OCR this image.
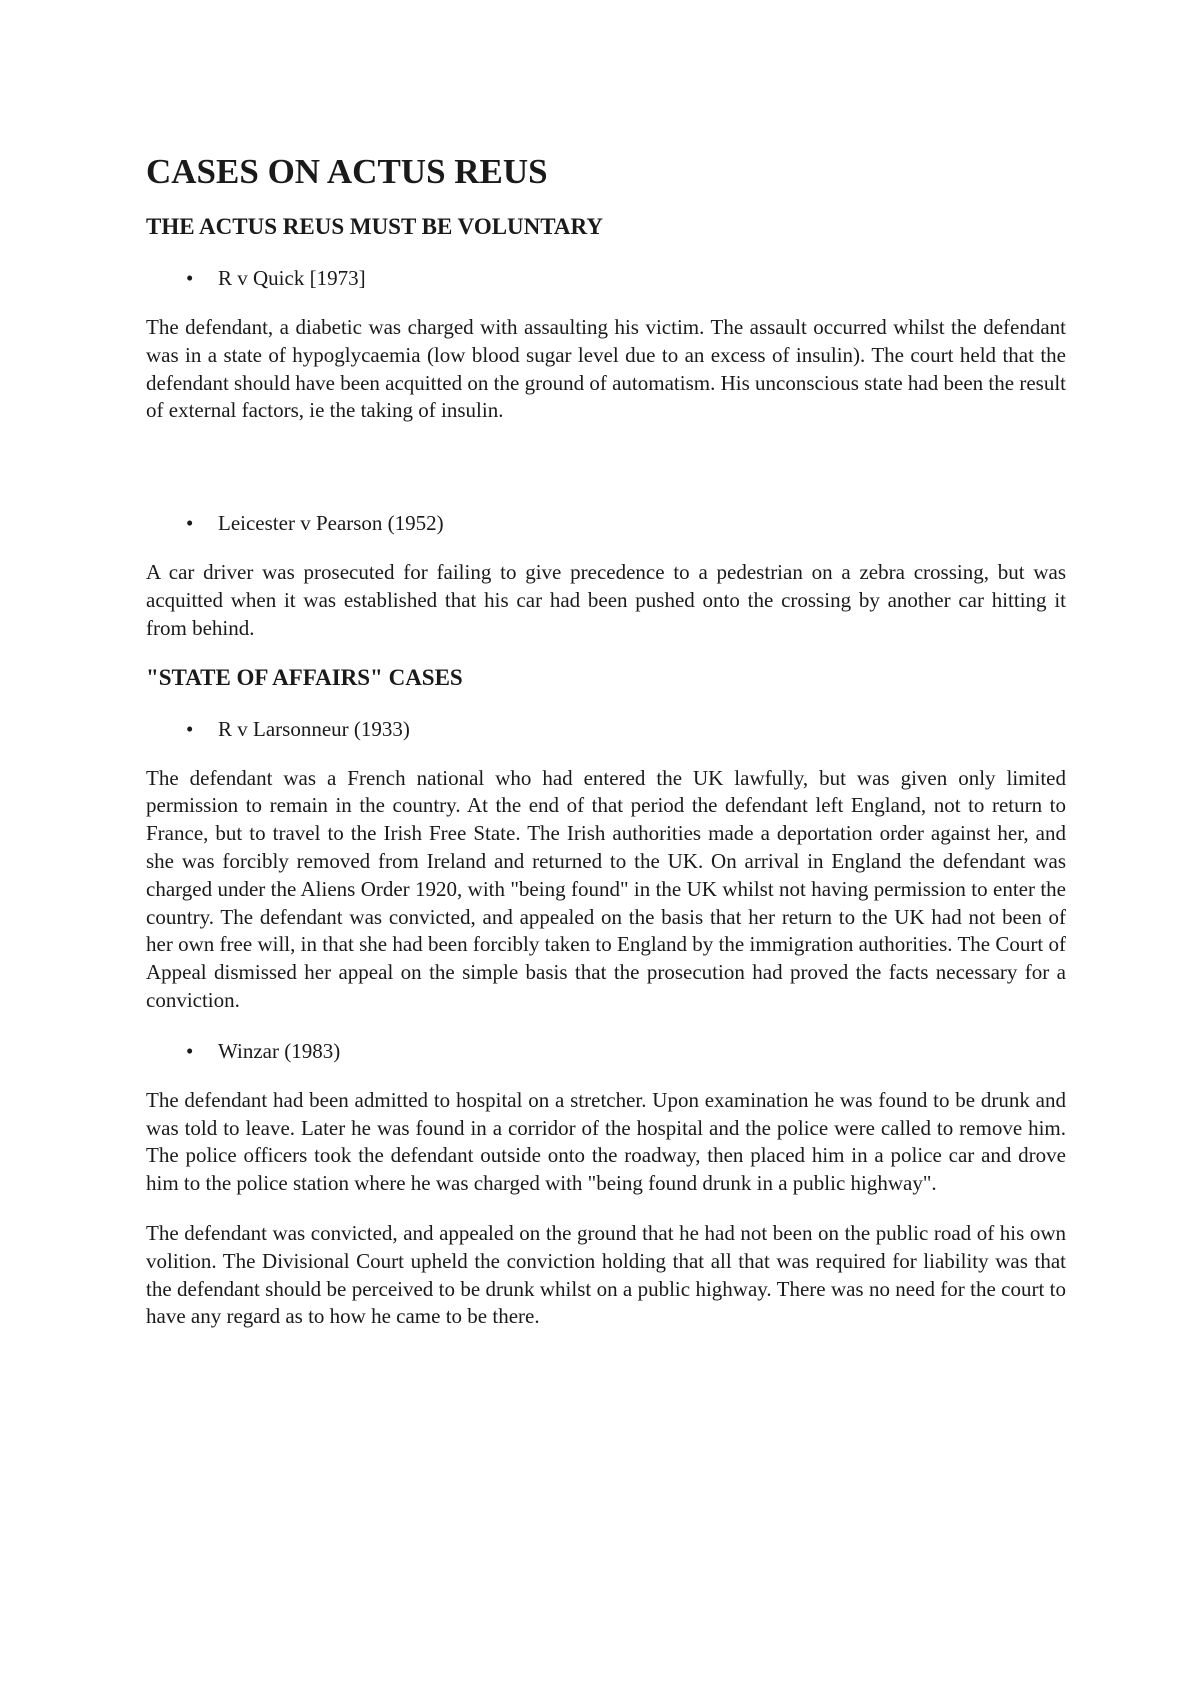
CASES ON ACTUS REUS
THE ACTUS REUS MUST BE VOLUNTARY
• R v Quick [1973]

The defendant, a diabetic was charged with assaulting his victim. The assault occurred whilst the defendant was in a state of hypoglycaemia (low blood sugar level due to an excess of insulin). The court held that the defendant should have been acquitted on the ground of automatism. His unconscious state had been the result of external factors, ie the taking of insulin.

• Leicester v Pearson (1952)

A car driver was prosecuted for failing to give precedence to a pedestrian on a zebra crossing, but was acquitted when it was established that his car had been pushed onto the crossing by another car hitting it from behind.

"STATE OF AFFAIRS" CASES
• R v Larsonneur (1933)

The defendant was a French national who had entered the UK lawfully, but was given only limited permission to remain in the country. At the end of that period the defendant left England, not to return to France, but to travel to the Irish Free State. The Irish authorities made a deportation order against her, and she was forcibly removed from Ireland and returned to the UK. On arrival in England the defendant was charged under the Aliens Order 1920, with "being found" in the UK whilst not having permission to enter the country. The defendant was convicted, and appealed on the basis that her return to the UK had not been of her own free will, in that she had been forcibly taken to England by the immigration authorities. The Court of Appeal dismissed her appeal on the simple basis that the prosecution had proved the facts necessary for a conviction.

• Winzar (1983)

The defendant had been admitted to hospital on a stretcher. Upon examination he was found to be drunk and was told to leave. Later he was found in a corridor of the hospital and the police were called to remove him. The police officers took the defendant outside onto the roadway, then placed him in a police car and drove him to the police station where he was charged with "being found drunk in a public highway".

The defendant was convicted, and appealed on the ground that he had not been on the public road of his own volition. The Divisional Court upheld the conviction holding that all that was required for liability was that the defendant should be perceived to be drunk whilst on a public highway. There was no need for the court to have any regard as to how he came to be there.
